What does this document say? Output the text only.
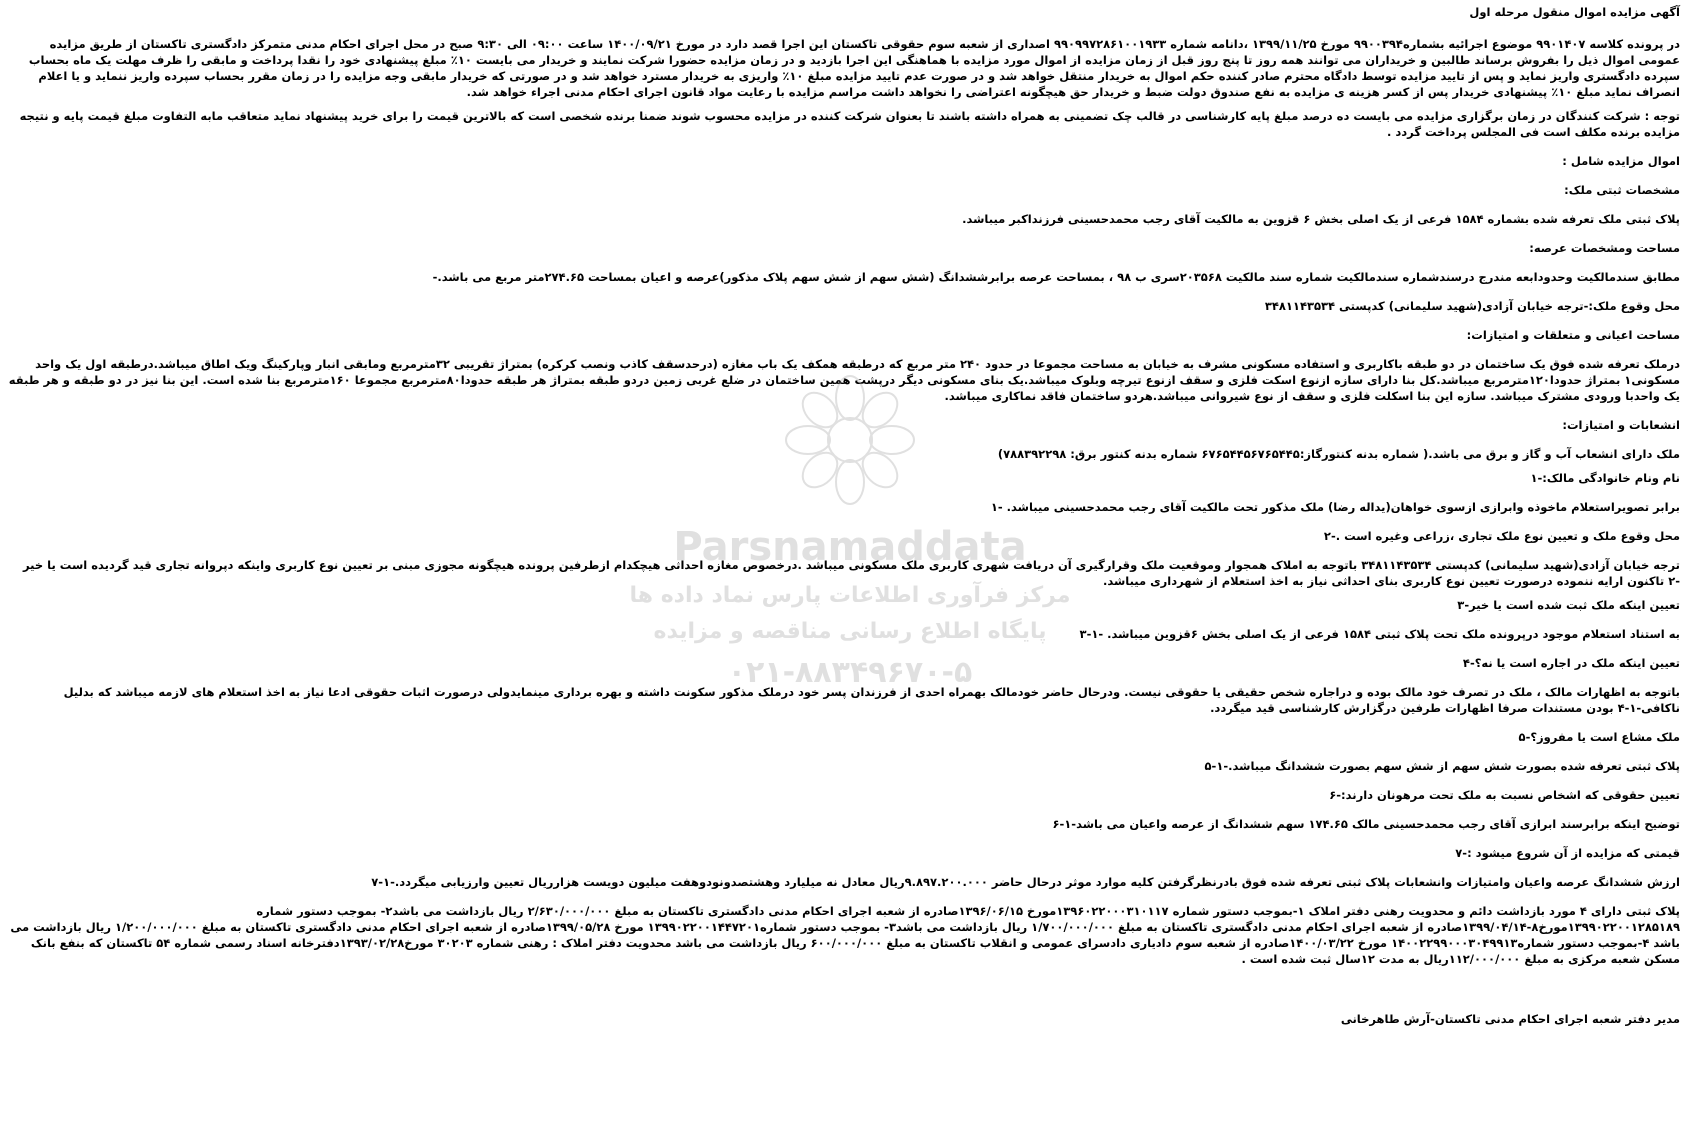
آگهی مزایده اموال منقول مرحله اول

در پرونده کلاسه ۹۹۰۱۴۰۷ موضوع اجرائیه بشماره۹۹۰۰۳۹۴ مورخ ۱۳۹۹/۱۱/۲۵ ،دانامه شماره ۹۹۰۹۹۷۲۸۶۱۰۰۱۹۳۳ اصداری از شعبه سوم حقوقی تاکستان این اجرا قصد دارد در مورخ ۱۴۰۰/۰۹/۲۱ ساعت ۰۹:۰۰ الی ۹:۳۰ صبح در محل اجرای احکام مدنی متمرکز دادگستری تاکستان از طریق مزایده عمومی اموال ذیل را بفروش برساند طالبین و خریداران می توانند همه روز تا پنج روز قبل از زمان مزایده از اموال مورد مزایده با هماهنگی این اجرا بازدید و در زمان مزایده حضورا شرکت نمایند و خریدار می بایست ۱۰٪ مبلغ پیشنهادی خود را نقدا پرداخت و مابقی را ظرف مهلت یک ماه بحساب سپرده دادگستری واریز نماید و پس از تایید مزایده توسط دادگاه محترم صادر کننده حکم اموال به خریدار منتقل خواهد شد و در صورت عدم تایید مزایده مبلغ ۱۰٪ واریزی به خریدار مسترد خواهد شد و در صورتی که خریدار مابقی وجه مزایده را در زمان مقرر بحساب سپرده واریز ننماید و یا اعلام انصراف نماید مبلغ ۱۰٪ پیشنهادی خریدار پس از کسر هزینه ی مزایده به نفع صندوق دولت ضبط و خریدار حق هیچگونه اعتراضی را نخواهد داشت مراسم مزایده با رعایت مواد قانون اجرای احکام مدنی اجراء خواهد شد.

توجه : شرکت کنندگان در زمان برگزاری مزایده می بایست ده درصد مبلغ پایه کارشناسی در قالب چک تضمینی به همراه داشته باشند تا بعنوان شرکت کننده در مزایده محسوب شوند ضمنا برنده شخصی است که بالاترین قیمت را برای خرید پیشنهاد نماید متعاقب مابه التفاوت مبلغ قیمت پایه و نتیجه مزایده برنده مکلف است فی المجلس پرداخت گردد .

اموال مزایده شامل :

مشخصات ثبتی ملک:

پلاک ثبتی ملک تعرفه شده بشماره ۱۵۸۴ فرعی از یک اصلی بخش ۶ قزوین به مالکیت آقای رجب محمدحسینی فرزنداکبر میباشد.

مساحت ومشخصات عرصه:

مطابق سندمالکیت وحدودابعه مندرج درسندشماره سندمالکیت شماره سند مالکیت ۲۰۳۵۶۸سری ب ۹۸ ، بمساحت عرصه برابرششدانگ (شش سهم از شش سهم پلاک مذکور)عرصه و اعیان بمساحت ۲۷۴.۶۵متر مربع می باشد.-

محل وقوع ملک:-ترجه خیابان آزادی(شهید سلیمانی) کدپستی ۳۴۸۱۱۴۳۵۳۴

مسا‌حت اعیانی و متعلقات و امتیازات:

درملک تعرفه شده فوق یک ساختمان در دو طبقه باکاربری و استفاده مسکونی مشرف به خیابان به مساحت مجموعا در حدود ۲۴۰ متر مربع که درطبقه همکف یک باب مغازه (درحدسقف کاذب ونصب کرکره) بمتراژ تقریبی ۳۲مترمربع ومابقی انبار وپارکینگ ویک اطاق میباشد.درطبقه اول یک واحد مسکونی۱ بمتراژ حدودا۱۲۰مترمربع میباشد.کل بنا دارای سازه ازنوع اسکت فلزی و سقف ازنوع تیرچه وبلوک میباشد.یک بنای مسکونی دیگر درپشت همین ساختمان در ضلع غربی زمین دردو طبقه بمتراژ هر طبقه حدودا۸۰مترمربع مجموعا ۱۶۰مترمربع بنا شده است. این بنا نیز در دو طبقه و هر طبقه یک واحدبا ورودی مشترک میباشد. سازه این بنا اسکلت فلزی و سقف از نوع شیروانی میباشد.هردو ساختمان فاقد نماکاری میباشد.

انشعابات و امتیازات:

ملک دارای انشعاب آب و گاز و برق می باشد.( شماره بدنه کنتورگاز:۶۷۶۵۴۴۵۶۷۶۵۴۴۵ شماره بدنه کنتور برق: ۷۸۸۳۹۲۲۹۸)

نام ونام خانوادگی مالک:-۱

برابر تصویراستعلام ماخوذه وابرازی ازسوی خواهان(یداله رضا) ملک مذکور تحت مالکیت آقای رجب محمدحسینی میباشد. -۱

محل وقوع ملک و تعیین نوع ملک تجاری ،زراعی وغیره است .-۲

ترجه خیابان آزادی(شهید سلیمانی) کدپستی ۳۴۸۱۱۴۳۵۳۴ باتوجه به املاک همجوار وموقعیت ملک وقرارگیری آن دریافت شهری کاربری ملک مسکونی میباشد .درخصوص مغازه احداثی هیچکدام ازطرفین پرونده هیچگونه مجوزی مبنی بر تعیین نوع کاربری واینکه دپروانه تجاری قید گردیده است یا خیر -۲ تاکنون ارایه ننموده درصورت تعیین نوع کاربری بنای احداثی نیاز به اخذ استعلام از شهرداری میباشد.

تعیین اینکه ملک ثبت شده است یا خیر-۳

به استناد استعلام موجود درپرونده ملک تحت پلاک ثبتی ۱۵۸۴ فرعی از یک اصلی بخش ۶قزوین میباشد. -۱-۳

تعیین اینکه ملک در اجاره است یا نه؟-۴

باتوجه به اظهارات مالک ، ملک در تصرف خود مالک بوده و دراجاره شخص حقیقی یا حقوقی نیست. ودرحال حاضر خودمالک بهمراه احدی از فرزندان پسر خود درملک مذکور سکونت داشته و بهره برداری مینمایدولی درصورت اثبات حقوقی ادعا نیاز به اخذ استعلام های لازمه میباشد که بدلیل ناکافی-۱-۴ بودن مستندات صرفا اظهارات طرفین درگزارش کارشناسی قید میگردد.

ملک مشاع است یا مفروز؟-۵

پلاک ثبتی تعرفه شده بصورت شش سهم از شش سهم بصورت ششدانگ میباشد.-۱-۵

تعیین حقوقی که اشخاص نسبت به ملک تحت مرهونان دارند:-۶

توضیح اینکه برابرسند ابرازی آقای رجب محمدحسینی مالک ۱۷۴.۶۵ سهم ششدانگ از عرصه واعیان می باشد-۱-۶

قیمتی که مزایده از آن شروع میشود :-۷

ارزش ششدانگ عرصه واعیان وامتیازات وانشعابات پلاک ثبتی تعرفه شده فوق بادرنظرگرفتن کلیه موارد موثر درحال حاضر ۹.۸۹۷.۲۰۰.۰۰۰ریال معادل نه میلیارد وهشتصدونودوهفت میلیون دویست هزارریال تعیین وارزیابی میگردد.-۱-۷

پلاک ثبتی دارای ۴ مورد بازداشت دائم و محدویت رهنی دفتر املاک ۱-بموجب دستور شماره ۱۳۹۶۰۲۲۰۰۰۳۱۰۱۱۷مورخ ۱۳۹۶/۰۶/۱۵صادره از شعبه اجرای احکام مدنی دادگستری تاکستان به مبلغ ۲/۶۳۰/۰۰۰/۰۰۰ ریال بازداشت می باشد۲- بموجب دستور شماره ۱۳۹۹۰۲۲۰۰۱۲۸۵۱۸۹مورخ۸-۱۳۹۹/۰۴/۱۴صادره از شعبه اجرای احکام مدنی دادگستری تاکستان به مبلغ ۱/۷۰۰/۰۰۰/۰۰۰ ریال بازداشت می باشد۳- بموجب دستور شماره۱۳۹۹۰۲۲۰۰۱۴۴۷۲۰۱ مورخ ۱۳۹۹/۰۵/۲۸صادره از شعبه اجرای احکام مدنی دادگستری تاکستان به مبلغ ۱/۲۰۰/۰۰۰/۰۰۰ ریال بازداشت می باشد ۴-بموجب دستور شماره۱۴۰۰۲۲۹۹۰۰۰۳۰۴۹۹۱۳ مورخ ۱۴۰۰/۰۳/۲۲صادره از شعبه سوم دادیاری دادسرای عمومی و انقلاب تاکستان به مبلغ ۶۰۰/۰۰۰/۰۰۰ ریال بازداشت می باشد محدویت دفتر املاک : رهنی شماره ۳۰۲۰۳ مورخ۱۳۹۳/۰۲/۲۸دفترخانه اسناد رسمی شماره ۵۴ تاکستان که بنفع بانک مسکن شعبه مرکزی به مبلغ ۱۱۲/۰۰۰/۰۰۰ریال به مدت ۱۲سال ثبت شده است .

مدیر دفتر شعبه اجرای احکام مدنی تاکستان-آرش طاهرخانی

Parsnamaddata
مرکز فرآوری اطلاعات پارس نماد داده ها
پایگاه اطلاع رسانی مناقصه و مزایده
۰۲۱-۸۸۳۴۹۶۷۰-۵
